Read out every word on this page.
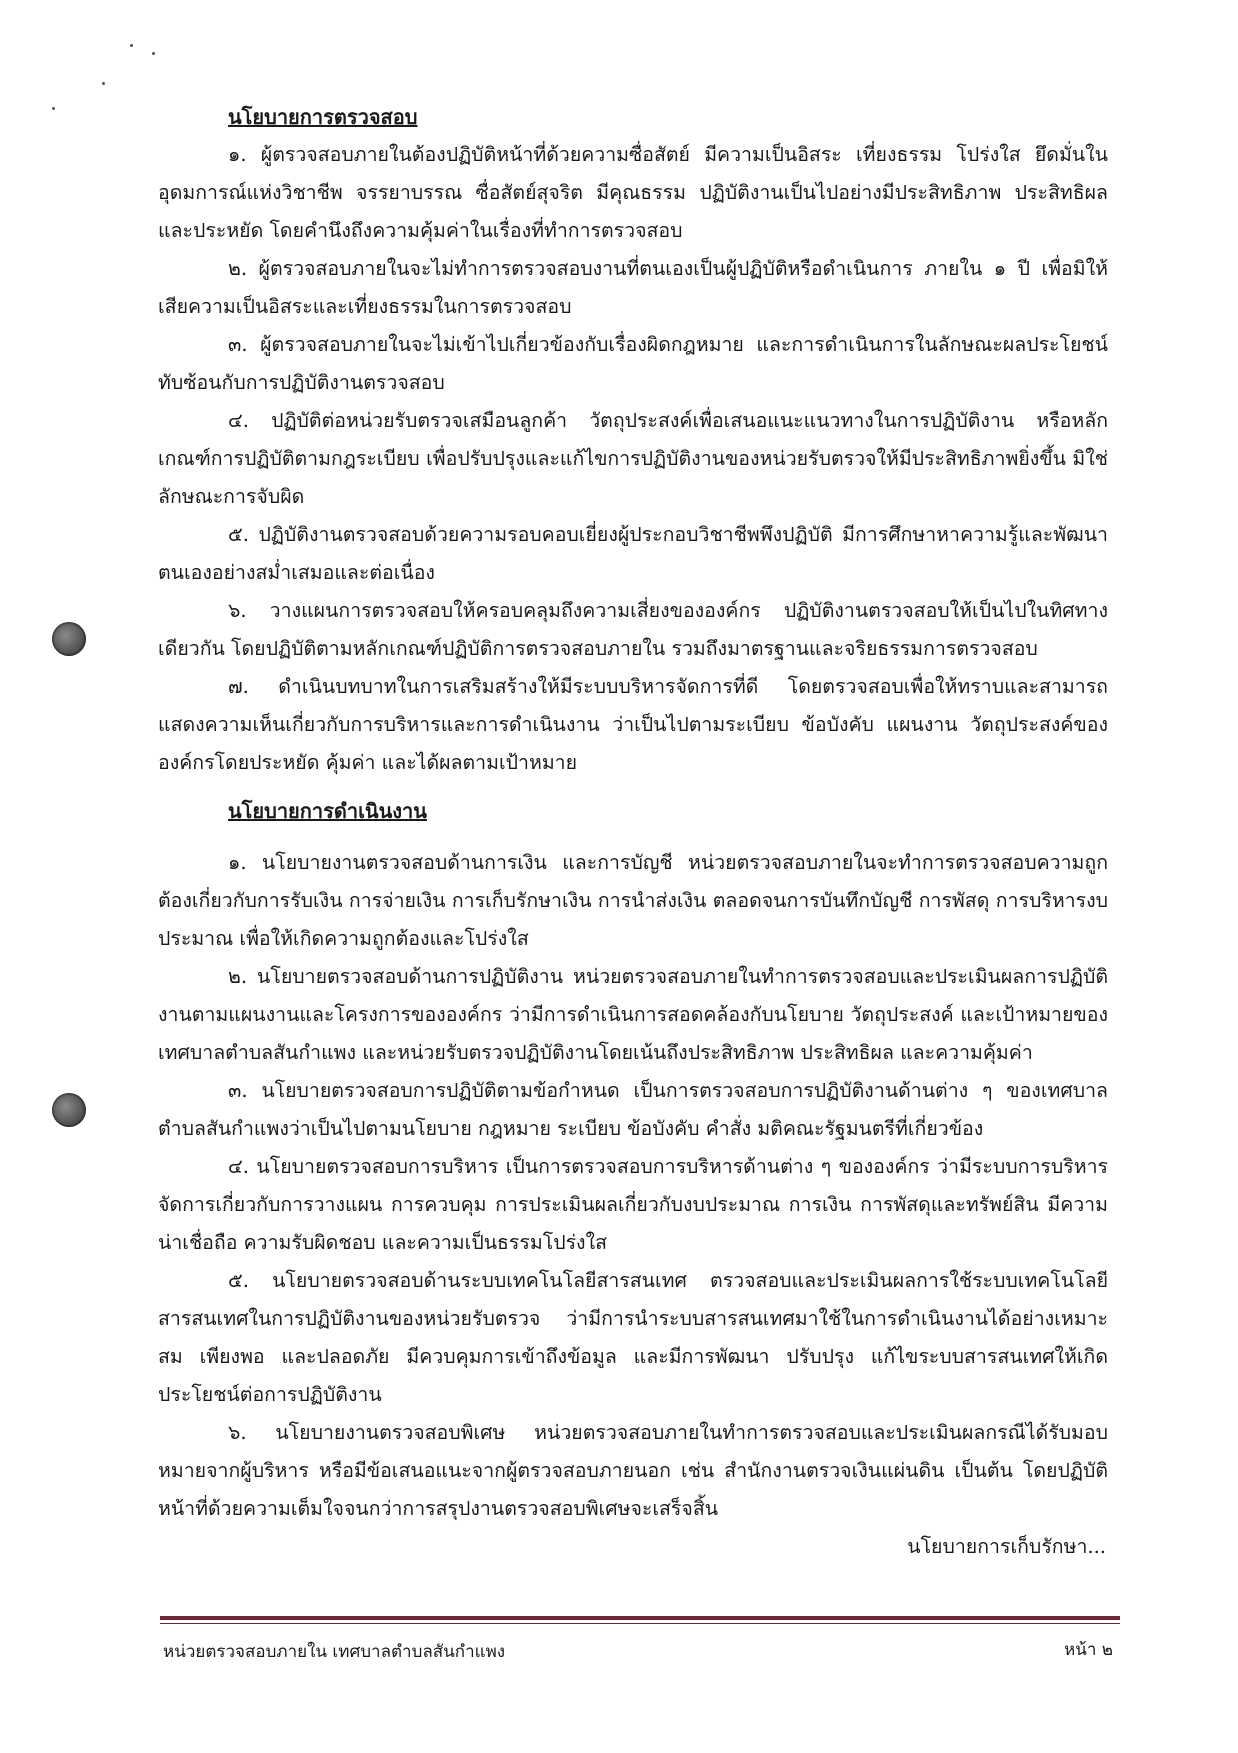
นโยบายการตรวจสอบ

๑. ผู้ตรวจสอบภายในต้องปฏิบัติหน้าที่ด้วยความซื่อสัตย์ มีความเป็นอิสระ เที่ยงธรรม โปร่งใส ยึดมั่นในอุดมการณ์แห่งวิชาชีพ จรรยาบรรณ ซื่อสัตย์สุจริต มีคุณธรรม ปฏิบัติงานเป็นไปอย่างมีประสิทธิภาพ ประสิทธิผล และประหยัด โดยคำนึงถึงความคุ้มค่าในเรื่องที่ทำการตรวจสอบ

๒. ผู้ตรวจสอบภายในจะไม่ทำการตรวจสอบงานที่ตนเองเป็นผู้ปฏิบัติหรือดำเนินการ ภายใน ๑ ปี เพื่อมิให้เสียความเป็นอิสระและเที่ยงธรรมในการตรวจสอบ

๓. ผู้ตรวจสอบภายในจะไม่เข้าไปเกี่ยวข้องกับเรื่องผิดกฎหมาย และการดำเนินการในลักษณะผลประโยชน์ทับซ้อนกับการปฏิบัติงานตรวจสอบ

๔. ปฏิบัติต่อหน่วยรับตรวจเสมือนลูกค้า วัตถุประสงค์เพื่อเสนอแนะแนวทางในการปฏิบัติงาน หรือหลักเกณฑ์การปฏิบัติตามกฎระเบียบ เพื่อปรับปรุงและแก้ไขการปฏิบัติงานของหน่วยรับตรวจให้มีประสิทธิภาพยิ่งขึ้น มิใช่ลักษณะการจับผิด

๕. ปฏิบัติงานตรวจสอบด้วยความรอบคอบเยี่ยงผู้ประกอบวิชาชีพพึงปฏิบัติ มีการศึกษาหาความรู้และพัฒนาตนเองอย่างสม่ำเสมอและต่อเนื่อง

๖. วางแผนการตรวจสอบให้ครอบคลุมถึงความเสี่ยงขององค์กร ปฏิบัติงานตรวจสอบให้เป็นไปในทิศทางเดียวกัน โดยปฏิบัติตามหลักเกณฑ์ปฏิบัติการตรวจสอบภายใน รวมถึงมาตรฐานและจริยธรรมการตรวจสอบ

๗. ดำเนินบทบาทในการเสริมสร้างให้มีระบบบริหารจัดการที่ดี โดยตรวจสอบเพื่อให้ทราบและสามารถแสดงความเห็นเกี่ยวกับการบริหารและการดำเนินงาน ว่าเป็นไปตามระเบียบ ข้อบังคับ แผนงาน วัตถุประสงค์ขององค์กรโดยประหยัด คุ้มค่า และได้ผลตามเป้าหมาย

นโยบายการดำเนินงาน

๑. นโยบายงานตรวจสอบด้านการเงิน และการบัญชี หน่วยตรวจสอบภายในจะทำการตรวจสอบความถูกต้องเกี่ยวกับการรับเงิน การจ่ายเงิน การเก็บรักษาเงิน การนำส่งเงิน ตลอดจนการบันทึกบัญชี การพัสดุ การบริหารงบประมาณ เพื่อให้เกิดความถูกต้องและโปร่งใส

๒. นโยบายตรวจสอบด้านการปฏิบัติงาน หน่วยตรวจสอบภายในทำการตรวจสอบและประเมินผลการปฏิบัติงานตามแผนงานและโครงการขององค์กร ว่ามีการดำเนินการสอดคล้องกับนโยบาย วัตถุประสงค์ และเป้าหมายของเทศบาลตำบลสันกำแพง และหน่วยรับตรวจปฏิบัติงานโดยเน้นถึงประสิทธิภาพ ประสิทธิผล และความคุ้มค่า

๓. นโยบายตรวจสอบการปฏิบัติตามข้อกำหนด เป็นการตรวจสอบการปฏิบัติงานด้านต่าง ๆ ของเทศบาลตำบลสันกำแพงว่าเป็นไปตามนโยบาย กฎหมาย ระเบียบ ข้อบังคับ คำสั่ง มติคณะรัฐมนตรีที่เกี่ยวข้อง

๔. นโยบายตรวจสอบการบริหาร เป็นการตรวจสอบการบริหารด้านต่าง ๆ ขององค์กร ว่ามีระบบการบริหารจัดการเกี่ยวกับการวางแผน การควบคุม การประเมินผลเกี่ยวกับงบประมาณ การเงิน การพัสดุและทรัพย์สิน มีความน่าเชื่อถือ ความรับผิดชอบ และความเป็นธรรมโปร่งใส

๕. นโยบายตรวจสอบด้านระบบเทคโนโลยีสารสนเทศ ตรวจสอบและประเมินผลการใช้ระบบเทคโนโลยีสารสนเทศในการปฏิบัติงานของหน่วยรับตรวจ ว่ามีการนำระบบสารสนเทศมาใช้ในการดำเนินงานได้อย่างเหมาะสม เพียงพอ และปลอดภัย มีควบคุมการเข้าถึงข้อมูล และมีการพัฒนา ปรับปรุง แก้ไขระบบสารสนเทศให้เกิดประโยชน์ต่อการปฏิบัติงาน

๖. นโยบายงานตรวจสอบพิเศษ หน่วยตรวจสอบภายในทำการตรวจสอบและประเมินผลกรณีได้รับมอบหมายจากผู้บริหาร หรือมีข้อเสนอแนะจากผู้ตรวจสอบภายนอก เช่น สำนักงานตรวจเงินแผ่นดิน เป็นต้น โดยปฏิบัติหน้าที่ด้วยความเต็มใจจนกว่าการสรุปงานตรวจสอบพิเศษจะเสร็จสิ้น

นโยบายการเก็บรักษา...

หน่วยตรวจสอบภายใน เทศบาลตำบลสันกำแพง	หน้า ๒
